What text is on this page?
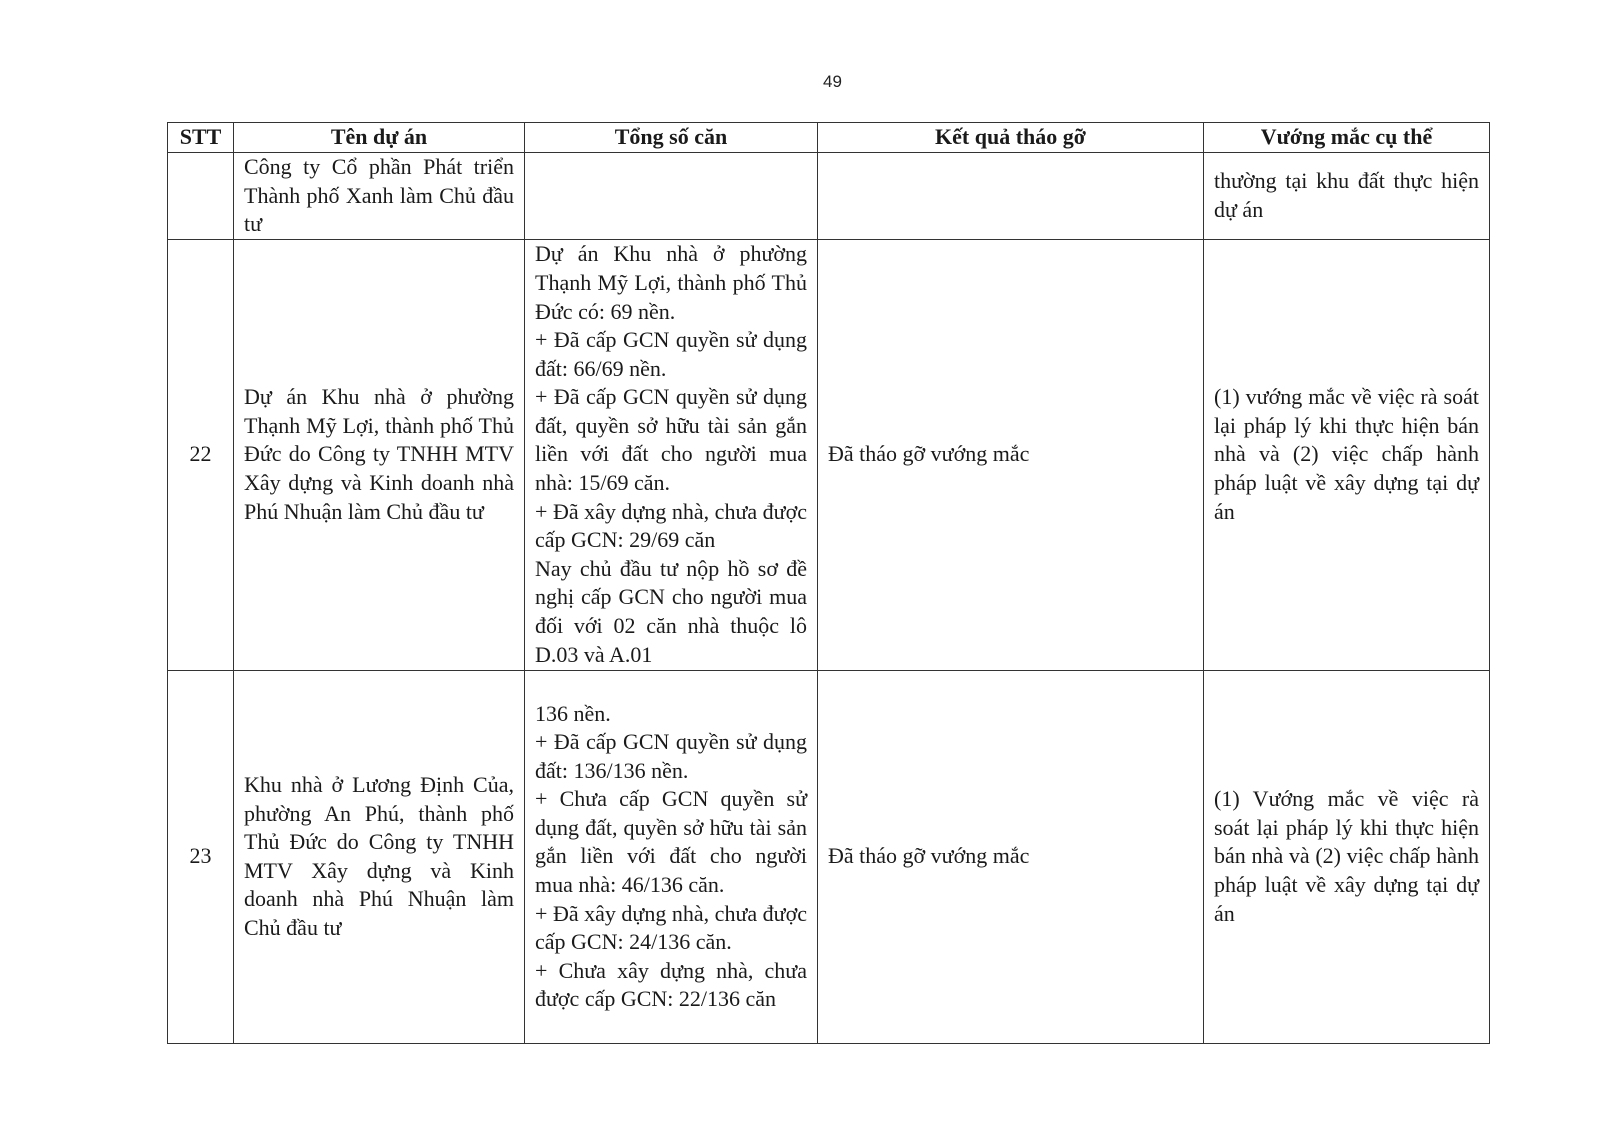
49
STT	Tên dự án	Tổng số căn	Kết quả tháo gỡ	Vướng mắc cụ thể
	Công ty Cổ phần Phát triển Thành phố Xanh làm Chủ đầu tư			thường tại khu đất thực hiện dự án
22	Dự án Khu nhà ở phường Thạnh Mỹ Lợi, thành phố Thủ Đức do Công ty TNHH MTV Xây dựng và Kinh doanh nhà Phú Nhuận làm Chủ đầu tư	Dự án Khu nhà ở phường Thạnh Mỹ Lợi, thành phố Thủ Đức có: 69 nền.
+ Đã cấp GCN quyền sử dụng đất: 66/69 nền.
+ Đã cấp GCN quyền sử dụng đất, quyền sở hữu tài sản gắn liền với đất cho người mua nhà: 15/69 căn.
+ Đã xây dựng nhà, chưa được cấp GCN: 29/69 căn
Nay chủ đầu tư nộp hồ sơ đề nghị cấp GCN cho người mua đối với 02 căn nhà thuộc lô D.03 và A.01	Đã tháo gỡ vướng mắc	(1) vướng mắc về việc rà soát lại pháp lý khi thực hiện bán nhà và (2) việc chấp hành pháp luật về xây dựng tại dự án
23	Khu nhà ở Lương Định Của, phường An Phú, thành phố Thủ Đức do Công ty TNHH MTV Xây dựng và Kinh doanh nhà Phú Nhuận làm Chủ đầu tư	136 nền.
+ Đã cấp GCN quyền sử dụng đất: 136/136 nền.
+ Chưa cấp GCN quyền sử dụng đất, quyền sở hữu tài sản gắn liền với đất cho người mua nhà: 46/136 căn.
+ Đã xây dựng nhà, chưa được cấp GCN: 24/136 căn.
+ Chưa xây dựng nhà, chưa được cấp GCN: 22/136 căn	Đã tháo gỡ vướng mắc	(1) Vướng mắc về việc rà soát lại pháp lý khi thực hiện bán nhà và (2) việc chấp hành pháp luật về xây dựng tại dự án
